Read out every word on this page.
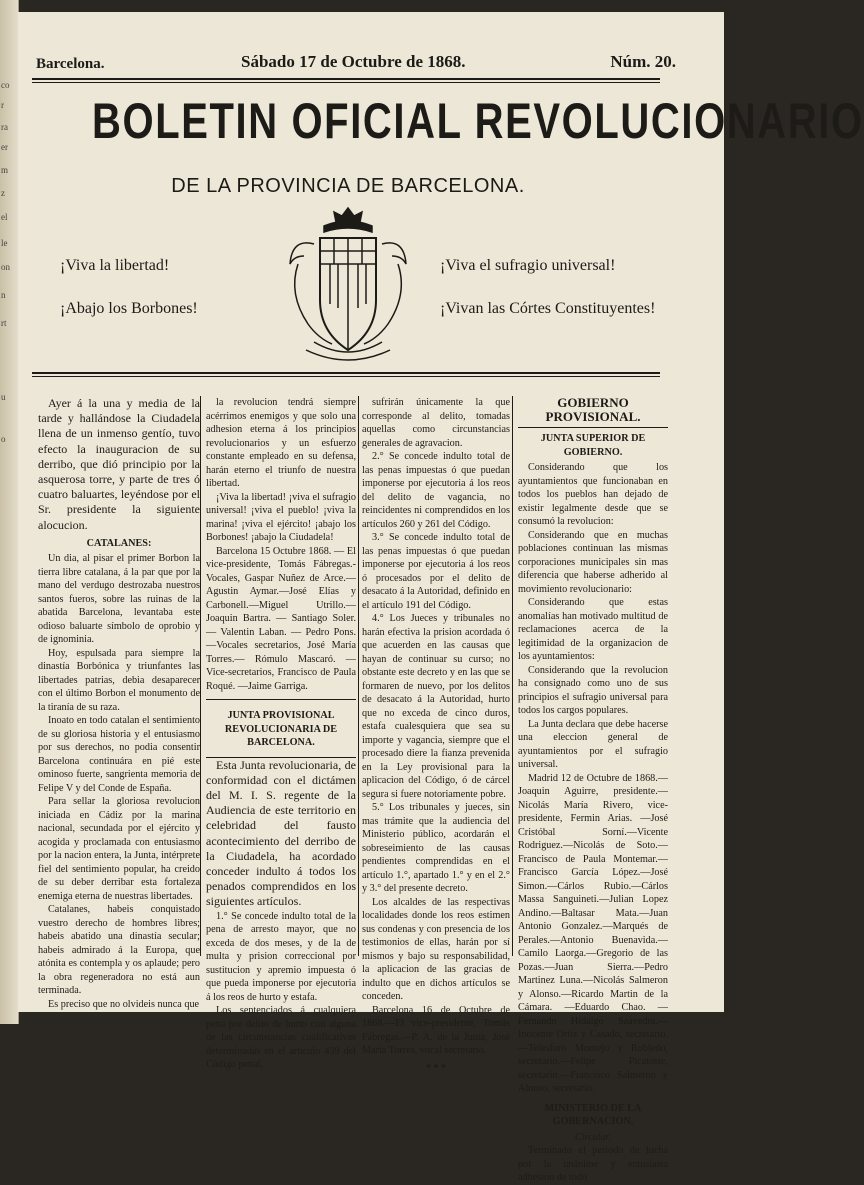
co
r
ra
er
m
z
el
le
on
n
rt
u
o
Barcelona.	Sábado 17 de Octubre de 1868.	Núm. 20.
BOLETIN OFICIAL REVOLUCIONARIO
DE LA PROVINCIA DE BARCELONA.
¡Viva la libertad!
¡Abajo los Borbones!
¡Viva el sufragio universal!
¡Vivan las Córtes Constituyentes!

Ayer á la una y media de la tarde y hallándose la Ciudadela llena de un inmenso gentío, tuvo efecto la inauguracion de su derribo, que dió principio por la asquerosa torre, y parte de tres ó cuatro baluartes, leyéndose por el Sr. presidente la siguiente alocucion.

CATALANES:

Un dia, al pisar el primer Borbon la tierra libre catalana, á la par que por la mano del verdugo destrozaba nuestros santos fueros, sobre las ruinas de la abatida Barcelona, levantaba este odioso baluarte símbolo de oprobio y de ignominia.

Hoy, espulsada para siempre la dinastía Borbónica y triunfantes las libertades patrias, debia desaparecer con el último Borbon el monumento de la tiranía de su raza.

Inoato en todo catalan el sentimiento de su gloriosa historia y el entusiasmo por sus derechos, no podia consentir Barcelona continuára en pié este ominoso fuerte, sangrienta memoria de Felipe V y del Conde de España.

Para sellar la gloriosa revolucion iniciada en Cádiz por la marina nacional, secundada por el ejército y acogida y proclamada con entusiasmo por la nacion entera, la Junta, intérprete fiel del sentimiento popular, ha creido de su deber derribar esta fortaleza enemiga eterna de nuestras libertades.

Catalanes, habeis conquistado vuestro derecho de hombres libres; habeis abatido una dinastía secular; habeis admirado á la Europa, que atónita es contempla y os aplaude; pero la obra regeneradora no está aun terminada.

Es preciso que no olvideis nunca que

la revolucion tendrá siempre acérrimos enemigos y que solo una adhesion eterna á los principios revolucionarios y un esfuerzo constante empleado en su defensa, harán eterno el triunfo de nuestra libertad.

¡Viva la libertad! ¡viva el sufragio universal! ¡viva el pueblo! ¡viva la marina! ¡viva el ejército! ¡abajo los Borbones! ¡abajo la Ciudadela!

Barcelona 15 Octubre 1868. — El vice-presidente, Tomás Fábregas.-Vocales, Gaspar Nuñez de Arce.—Agustin Aymar.—José Elías y Carbonell.—Miguel Utrillo.—Joaquin Bartra. — Santiago Soler. — Valentin Laban. — Pedro Pons.—Vocales secretarios, José María Torres.— Rómulo Mascaró. — Vice-secretarios, Francisco de Paula Roqué. —Jaime Garriga.

JUNTA PROVISIONAL REVOLUCIONARIA DE BARCELONA.

Esta Junta revolucionaria, de conformidad con el dictámen del M. I. S. regente de la Audiencia de este territorio en celebridad del fausto acontecimiento del derribo de la Ciudadela, ha acordado conceder indulto á todos los penados comprendidos en los siguientes artículos.

1.° Se concede indulto total de la pena de arresto mayor, que no exceda de dos meses, y de la de multa y prision correccional por sustitucion y apremio impuesta ó que pueda imponerse por ejecutoria á los reos de hurto y estafa.

Los sentenciados á cualquiera pena por delito de hurto con alguna de las circunstancias cualificativas determinadas en el artículo 439 del Código penal,

sufrirán únicamente la que corresponde al delito, tomadas aquellas como circunstancias generales de agravacion.

2.° Se concede indulto total de las penas impuestas ó que puedan imponerse por ejecutoria á los reos del delito de vagancia, no reincidentes ni comprendidos en los artículos 260 y 261 del Código.

3.° Se concede indulto total de las penas impuestas ó que puedan imponerse por ejecutoria á los reos ó procesados por el delito de desacato á la Autoridad, definido en el artículo 191 del Código.

4.° Los Jueces y tribunales no harán efectiva la prision acordada ó que acuerden en las causas que hayan de continuar su curso; no obstante este decreto y en las que se formaren de nuevo, por los delitos de desacato á la Autoridad, hurto que no exceda de cinco duros, estafa cualesquiera que sea su importe y vagancia, siempre que el procesado diere la fianza prevenida en la Ley provisional para la aplicacion del Código, ó de cárcel segura si fuere notoriamente pobre.

5.° Los tribunales y jueces, sin mas trámite que la audiencia del Ministerio público, acordarán el sobreseimiento de las causas pendientes comprendidas en el artículo 1.°, apartado 1.° y en el 2.° y 3.° del presente decreto.

Los alcaldes de las respectivas localidades donde los reos estimen sus condenas y con presencia de los testimonios de ellas, harán por sí mismos y bajo su responsabilidad, la aplicacion de las gracias de indulto que en dichos artículos se conceden.

Barcelona 16 de Octubre de 1868.—El vice-presidente, Tomás Fábregas.—P. A. de la Junta, José María Torres, vocal secretario.

* * *

GOBIERNO PROVISIONAL.

JUNTA SUPERIOR DE GOBIERNO.

Considerando que los ayuntamientos que funcionaban en todos los pueblos han dejado de existir legalmente desde que se consumó la revolucion:

Considerando que en muchas poblaciones continuan las mismas corporaciones municipales sin mas diferencia que haberse adherido al movimiento revolucionario:

Considerando que estas anomalías han motivado multitud de reclamaciones acerca de la legitimidad de la organizacion de los ayuntamientos:

Considerando que la revolucion ha consignado como uno de sus principios el sufragio universal para todos los cargos populares.

La Junta declara que debe hacerse una eleccion general de ayuntamientos por el sufragio universal.

Madrid 12 de Octubre de 1868.—Joaquin Aguirre, presidente.—Nicolás María Rivero, vice-presidente, Fermin Arias. —José Cristóbal Sorní.—Vicente Rodriguez.—Nicolás de Soto.—Francisco de Paula Montemar.—Francisco García López.—José Simon.—Cárlos Rubio.—Cárlos Massa Sanguineti.—Julian Lopez Andino.—Baltasar Mata.—Juan Antonio Gonzalez.—Marqués de Perales.—Antonio Buenavida.—Camilo Laorga.—Gregorio de las Pozas.—Juan Sierra.—Pedro Martinez Luna.—Nicolás Salmeron y Alonso.—Ricardo Martin de la Cámara. —Eduardo Chao. — Fernando Hidalgo Saavedra.—Inocente Ortiz y Casado, secretario.—Telesforo Montejo y Robledo, secretario.—Felipe Picatoste, secretario.—Francisco Salmeron y Alonso, secretario.

MINISTERIO DE LA GOBERNACION.

Circular.

Terminado el período de lucha por la unánime y entusiasta adhesion de todo
